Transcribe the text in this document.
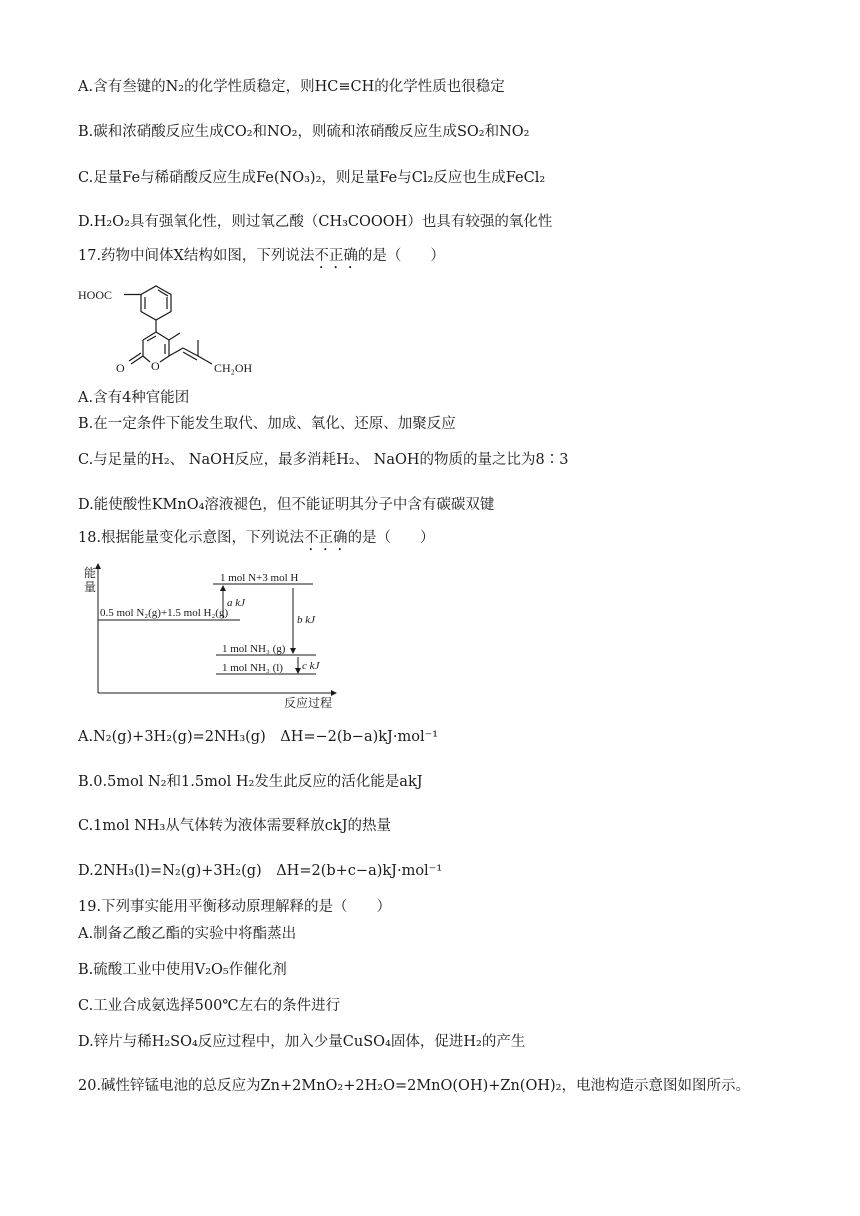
A.含有叁键的N₂的化学性质稳定，则HC≡CH的化学性质也很稳定
B.碳和浓硝酸反应生成CO₂和NO₂，则硫和浓硝酸反应生成SO₂和NO₂
C.足量Fe与稀硝酸反应生成Fe(NO₃)₂，则足量Fe与Cl₂反应也生成FeCl₂
D.H₂O₂具有强氧化性，则过氧乙酸（CH₃COOOH）也具有较强的氧化性
17.药物中间体X结构如图，下列说法不正确的是（　　）
HOOC
O
O	CH₂OH
A.含有4种官能团
B.在一定条件下能发生取代、加成、氧化、还原、加聚反应
C.与足量的H₂、 NaOH反应，最多消耗H₂、 NaOH的物质的量之比为8∶3
D.能使酸性KMnO₄溶液褪色，但不能证明其分子中含有碳碳双键
18.根据能量变化示意图，下列说法不正确的是（　　）
能
量
反应过程
1 mol N+3 mol H
0.5 mol N₂(g)+1.5 mol H₂(g)
1 mol NH₃ (g)
1 mol NH₃ (l)
a kJ
b kJ
c kJ
A.N₂(g)+3H₂(g)=2NH₃(g)　ΔH=−2(b−a)kJ·mol⁻¹
B.0.5mol N₂和1.5mol H₂发生此反应的活化能是akJ
C.1mol NH₃从气体转为液体需要释放ckJ的热量
D.2NH₃(l)=N₂(g)+3H₂(g)　ΔH=2(b+c−a)kJ·mol⁻¹
19.下列事实能用平衡移动原理解释的是（　　）
A.制备乙酸乙酯的实验中将酯蒸出
B.硫酸工业中使用V₂O₅作催化剂
C.工业合成氨选择500℃左右的条件进行
D.锌片与稀H₂SO₄反应过程中，加入少量CuSO₄固体，促进H₂的产生
20.碱性锌锰电池的总反应为Zn+2MnO₂+2H₂O=2MnO(OH)+Zn(OH)₂，电池构造示意图如图所示。
